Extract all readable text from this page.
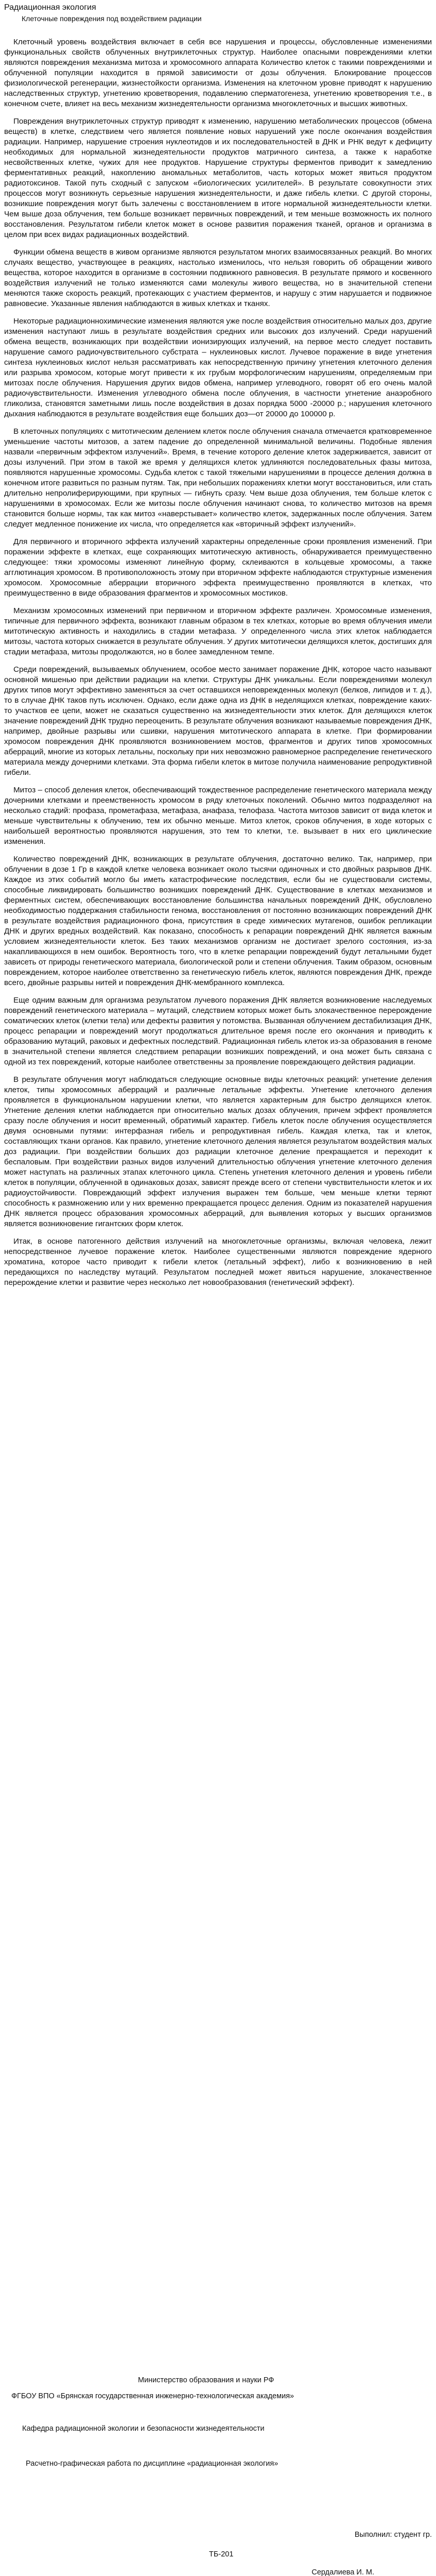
Радиационная экология
Клеточные повреждения под воздействием радиации

Клеточный уровень воздействия включает в себя все нарушения и процессы, обусловленные изменениями функциональных свойств облученных внутриклеточных структур. Наиболее опасными повреждениями клетки являются повреждения механизма митоза и хромосомного аппарата Количество клеток с такими повреждениями и облученной популяции находится в прямой зависимости от дозы облучения. Блокирование процессов физиологической регенерации, жизнестойкости организма. Изменения на клеточном уровне приводят к нарушению наследственных структур, угнетению кроветворения, подавлению сперматогенеза, угнетению кроветворения т.е., в конечном счете, влияет на весь механизм жизнедеятельности организма многоклеточных и высших животных.

Повреждения внутриклеточных структур приводят к изменению, нарушению метаболических процессов (обмена веществ) в клетке, следствием чего является появление новых нарушений уже после окончания воздействия радиации. Например, нарушение строения нуклеотидов и их последовательностей в ДНК и РНК ведут к дефициту необходимых для нормальной жизнедеятельности продуктов матричного синтеза, а также к наработке несвойственных клетке, чужих для нее продуктов. Нарушение структуры ферментов приводит к замедлению ферментативных реакций, накоплению аномальных метаболитов, часть которых может явиться продуктом радиотоксинов. Такой путь сходный с запуском «биологических усилителей». В результате совокупности этих процессов могут возникнуть серьезные нарушения жизнедеятельности, и даже гибель клетки. С другой стороны, возникшие повреждения могут быть залечены с восстановлением в итоге нормальной жизнедеятельности клетки. Чем выше доза облучения, тем больше возникает первичных повреждений, и тем меньше возможность их полного восстановления. Результатом гибели клеток может в основе развития поражения тканей, органов и организма в целом при всех видах радиационных воздействий.

Функции обмена веществ в живом организме являются результатом многих взаимосвязанных реакций. Во многих случаях вещество, участвующее в реакциях, настолько изменилось, что нельзя говорить об обращении живого вещества, которое находится в организме в состоянии подвижного равновесия. В результате прямого и косвенного воздействия излучений не только изменяются сами молекулы живого вещества, но в значительной степени меняются также скорость реакций, протекающих с участием ферментов, и нарушу с этим нарушается и подвижное равновесие. Указанные явления наблюдаются в живых клетках и тканях.

Некоторые радиационнохимические изменения являются уже после воздействия относительно малых доз, другие изменения наступают лишь в результате воздействия средних или высоких доз излучений. Среди нарушений обмена веществ, возникающих при воздействии ионизирующих излучений, на первое место следует поставить нарушение самого радиочувствительного субстрата – нуклеиновых кислот. Лучевое поражение в виде угнетения синтеза нуклеиновых кислот нельзя рассматривать как непосредственную причину угнетения клеточного деления или разрыва хромосом, которые могут привести к их грубым морфологическим нарушениям, определяемым при митозах после облучения. Нарушения других видов обмена, например углеводного, говорят об его очень малой радиочувствительности. Изменения углеводного обмена после облучения, в частности угнетение анаэробного гликолиза, становятся заметными лишь после воздействия в дозах порядка 5000 -20000 р.; нарушения клеточного дыхания наблюдаются в результате воздействия еще больших доз—от 20000 до 100000 р.

В клеточных популяциях с митотическим делением клеток после облучения сначала отмечается кратковременное уменьшение частоты митозов, а затем падение до определенной минимальной величины. Подобные явления назвали «первичным эффектом излучений». Время, в течение которого деление клеток задерживается, зависит от дозы излучений. При этом в такой же время у делящихся клеток удлиняются последовательных фазы митоза, появляются нарушенные хромосомы. Судьба клеток с такой тяжелыми нарушениями в процессе деления должна в конечном итоге развиться по разным путям. Так, при небольших поражениях клетки могут восстановиться, или стать длительно непролиферирующими, при крупных — гибнуть сразу. Чем выше доза облучения, тем больше клеток с нарушениями в хромосомах. Если же митозы после облучения начинают снова, то количество митозов на время становится больше нормы, так как митоз «наверстывает» количество клеток, задержанных после облучения. Затем следует медленное понижение их числа, что определяется как «вторичный эффект излучений».

Для первичного и вторичного эффекта излучений характерны определенные сроки проявления изменений. При поражении эффекте в клетках, еще сохраняющих митотическую активность, обнаруживается преимущественно следующее: тяжи хромосомы изменяют линейную форму, склеиваются в кольцевые хромосомы, а также агглютинация хромосом. В противоположность этому при вторичном эффекте наблюдаются структурные изменения хромосом. Хромосомные аберрации вторичного эффекта преимущественно проявляются в клетках, что преимущественно в виде образования фрагментов и хромосомных мостиков.

Механизм хромосомных изменений при первичном и вторичном эффекте различен. Хромосомные изменения, типичные для первичного эффекта, возникают главным образом в тех клетках, которые во время облучения имели митотическую активность и находились в стадии метафаза. У определенного числа этих клеток наблюдается митозы, частота которых снижается в результате облучения. У других митотически делящихся клеток, достигших для стадии метафаза, митозы продолжаются, но в более замедленном темпе.

Среди повреждений, вызываемых облучением, особое место занимает поражение ДНК, которое часто называют основной мишенью при действии радиации на клетки. Структуры ДНК уникальны. Если повреждениями молекул других типов могут эффективно заменяться за счет оставшихся неповрежденных молекул (белков, липидов и т. д.), то в случае ДНК таков путь исключен. Однако, если даже одна из ДНК в неделящихся клетках, повреждение каких-то участков ее цепи, может не сказаться существенно на жизнедеятельности этих клеток. Для делящихся клеток значение повреждений ДНК трудно переоценить. В результате облучения возникают называемые повреждения ДНК, например, двойные разрывы или сшивки, нарушения митотического аппарата в клетке. При формировании хромосом повреждения ДНК проявляются возникновением мостов, фрагментов и других типов хромосомных аберраций, многие из которых летальны, поскольку при них невозможно равномерное распределение генетического материала между дочерними клетками. Эта форма гибели клеток в митозе получила наименование репродуктивной гибели.

Митоз – способ деления клеток, обеспечивающий тождественное распределение генетического материала между дочерними клетками и преемственность хромосом в ряду клеточных поколений. Обычно митоз подразделяют на несколько стадий: профаза, прометафаза, метафаза, анафаза, телофаза. Частота митозов зависит от вида клеток и меньше чувствительны к облучению, тем их обычно меньше. Митоз клеток, сроков облучения, в ходе которых с наибольшей вероятностью проявляются нарушения, это тем то клетки, т.е. вызывает в них его циклические изменения.

Количество повреждений ДНК, возникающих в результате облучения, достаточно велико. Так, например, при облучении в дозе 1 Гр в каждой клетке человека возникает около тысячи одиночных и сто двойных разрывов ДНК. Каждое из этих событий могло бы иметь катастрофические последствия, если бы не существовали системы, способные ликвидировать большинство возникших повреждений ДНК. Существование в клетках механизмов и ферментных систем, обеспечивающих восстановление большинства начальных повреждений ДНК, обусловлено необходимостью поддержания стабильности генома, восстановления от постоянно возникающих повреждений ДНК в результате воздействия радиационного фона, присутствия в среде химических мутагенов, ошибок репликации ДНК и других вредных воздействий. Как показано, способность к репарации повреждений ДНК является важным условием жизнедеятельности клеток. Без таких механизмов организм не достигает зрелого состояния, из-за накапливающихся в нем ошибок. Вероятность того, что в клетке репарации повреждений будут летальными будет зависеть от природы генетического материала, биологической роли и степени облучения. Таким образом, основным повреждением, которое наиболее ответственно за генетическую гибель клеток, являются повреждения ДНК, прежде всего, двойные разрывы нитей и повреждения ДНК-мембранного комплекса.

Еще одним важным для организма результатом лучевого поражения ДНК является возникновение наследуемых повреждений генетического материала – мутаций, следствием которых может быть злокачественное перерождение соматических клеток (клетки тела) или дефекты развития у потомства. Вызванная облучением дестабилизация ДНК, процесс репарации и повреждений могут продолжаться длительное время после его окончания и приводить к образованию мутаций, раковых и дефектных последствий. Радиационная гибель клеток из-за образования в геноме в значительной степени является следствием репарации возникших повреждений, и она может быть связана с одной из тех повреждений, которые наиболее ответственны за проявление повреждающего действия радиации.

В результате облучения могут наблюдаться следующие основные виды клеточных реакций: угнетение деления клеток, типы хромосомных аберраций и различные летальные эффекты. Угнетение клеточного деления проявляется в функциональном нарушении клетки, что является характерным для быстро делящихся клеток. Угнетение деления клетки наблюдается при относительно малых дозах облучения, причем эффект проявляется сразу после облучения и носит временный, обратимый характер. Гибель клеток после облучения осуществляется двумя основными путями: интерфазная гибель и репродуктивная гибель. Каждая клетка, так и клеток, составляющих ткани органов. Как правило, угнетение клеточного деления является результатом воздействия малых доз радиации. При воздействии больших доз радиации клеточное деление прекращается и переходит к беспаловым. При воздействии разных видов излучений длительностью облучения угнетение клеточного деления может наступать на различных этапах клеточного цикла. Степень угнетения клеточного деления и уровень гибели клеток в популяции, облученной в одинаковых дозах, зависят прежде всего от степени чувствительности клеток и их радиоустойчивости. Повреждающий эффект излучения выражен тем больше, чем меньше клетки теряют способность к размножению или у них временно прекращается процесс деления. Одним из показателей нарушения ДНК является процесс образования хромосомных аберраций, для выявления которых у высших организмов является возникновение гигантских форм клеток.

Итак, в основе патогенного действия излучений на многоклеточные организмы, включая человека, лежит непосредственное лучевое поражение клеток. Наиболее существенными являются повреждение ядерного хроматина, которое часто приводит к гибели клеток (летальный эффект), либо к возникновению в ней передающихся по наследству мутаций. Результатом последней может явиться нарушение, злокачественное перерождение клетки и развитие через несколько лет новообразования (генетический эффект).

Министерство образования и науки РФ
ФГБОУ ВПО «Брянская государственная инженерно-технологическая академия»
Кафедра радиационной экологии и безопасности жизнедеятельности
Расчетно-графическая работа по дисциплине «радиационная экология»
Выполнил: студент гр.
ТБ-201
Сердалиева И. М.
